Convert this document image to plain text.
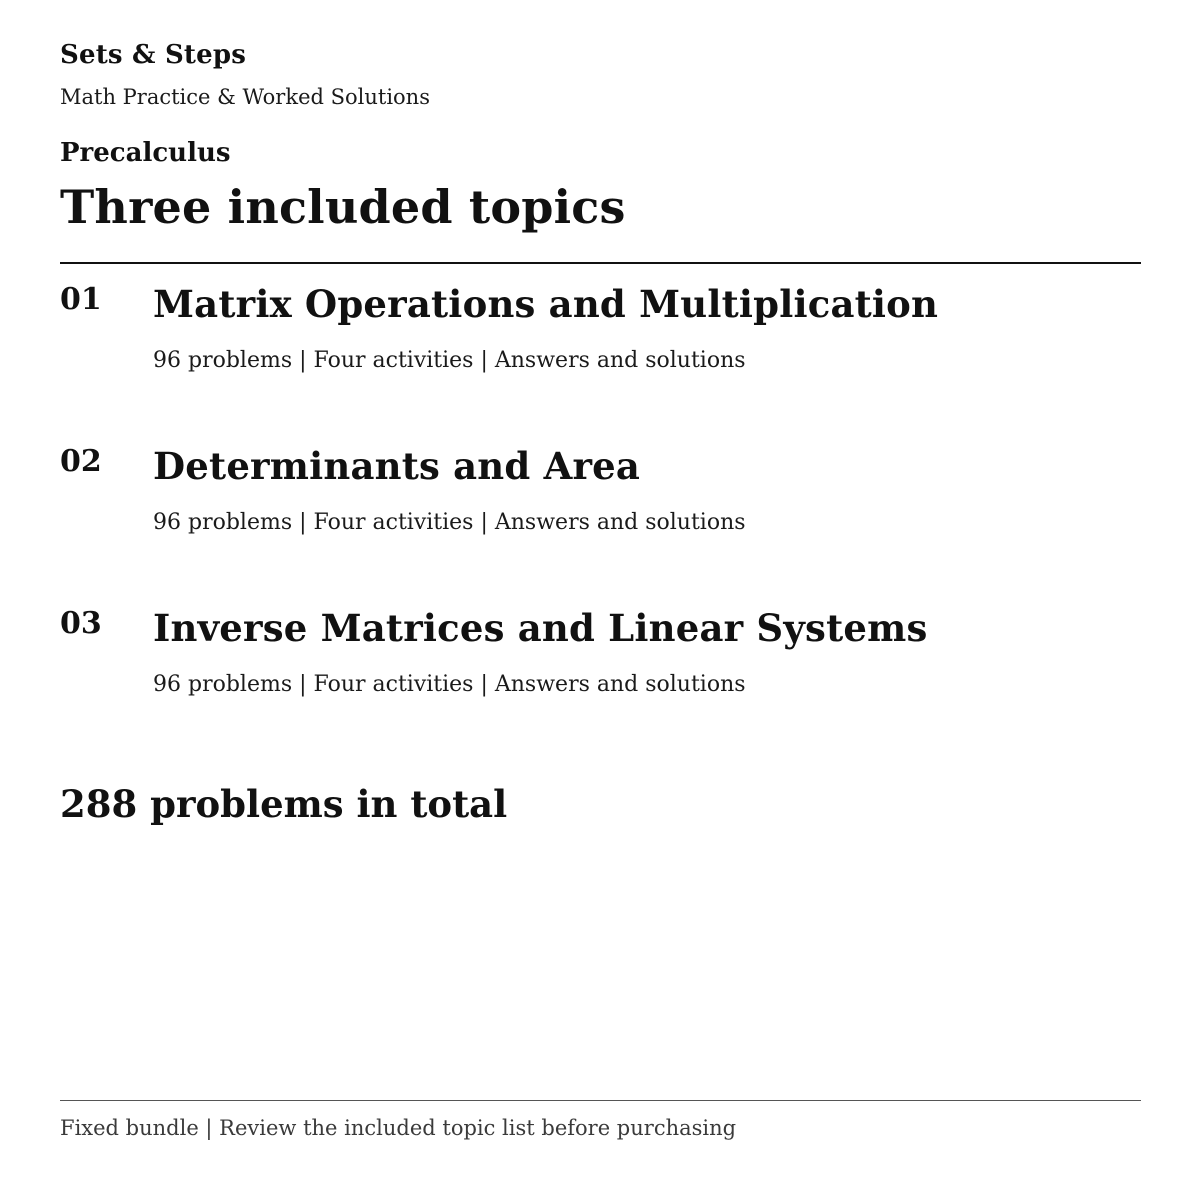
Sets & Steps
Math Practice & Worked Solutions
Precalculus
Three included topics
01 Matrix Operations and Multiplication
96 problems | Four activities | Answers and solutions
02 Determinants and Area
96 problems | Four activities | Answers and solutions
03 Inverse Matrices and Linear Systems
96 problems | Four activities | Answers and solutions
288 problems in total
Fixed bundle | Review the included topic list before purchasing
